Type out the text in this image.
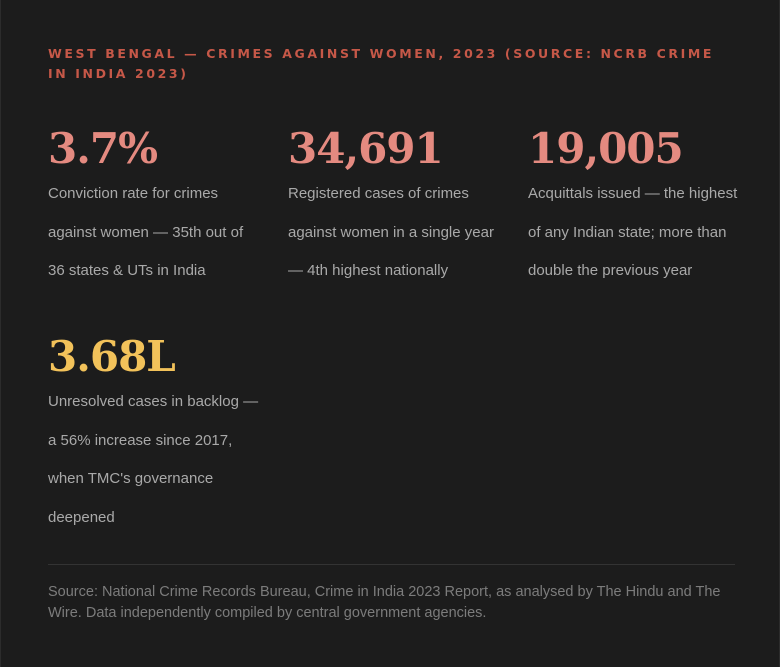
WEST BENGAL — CRIMES AGAINST WOMEN, 2023 (SOURCE: NCRB CRIME IN INDIA 2023)

3.7%
Conviction rate for crimes against women — 35th out of 36 states & UTs in India
34,691
Registered cases of crimes against women in a single year — 4th highest nationally
19,005
Acquittals issued — the highest of any Indian state; more than double the previous year
3.68L
Unresolved cases in backlog — a 56% increase since 2017, when TMC's governance deepened

Source: National Crime Records Bureau, Crime in India 2023 Report, as analysed by The Hindu and The Wire. Data independently compiled by central government agencies.
